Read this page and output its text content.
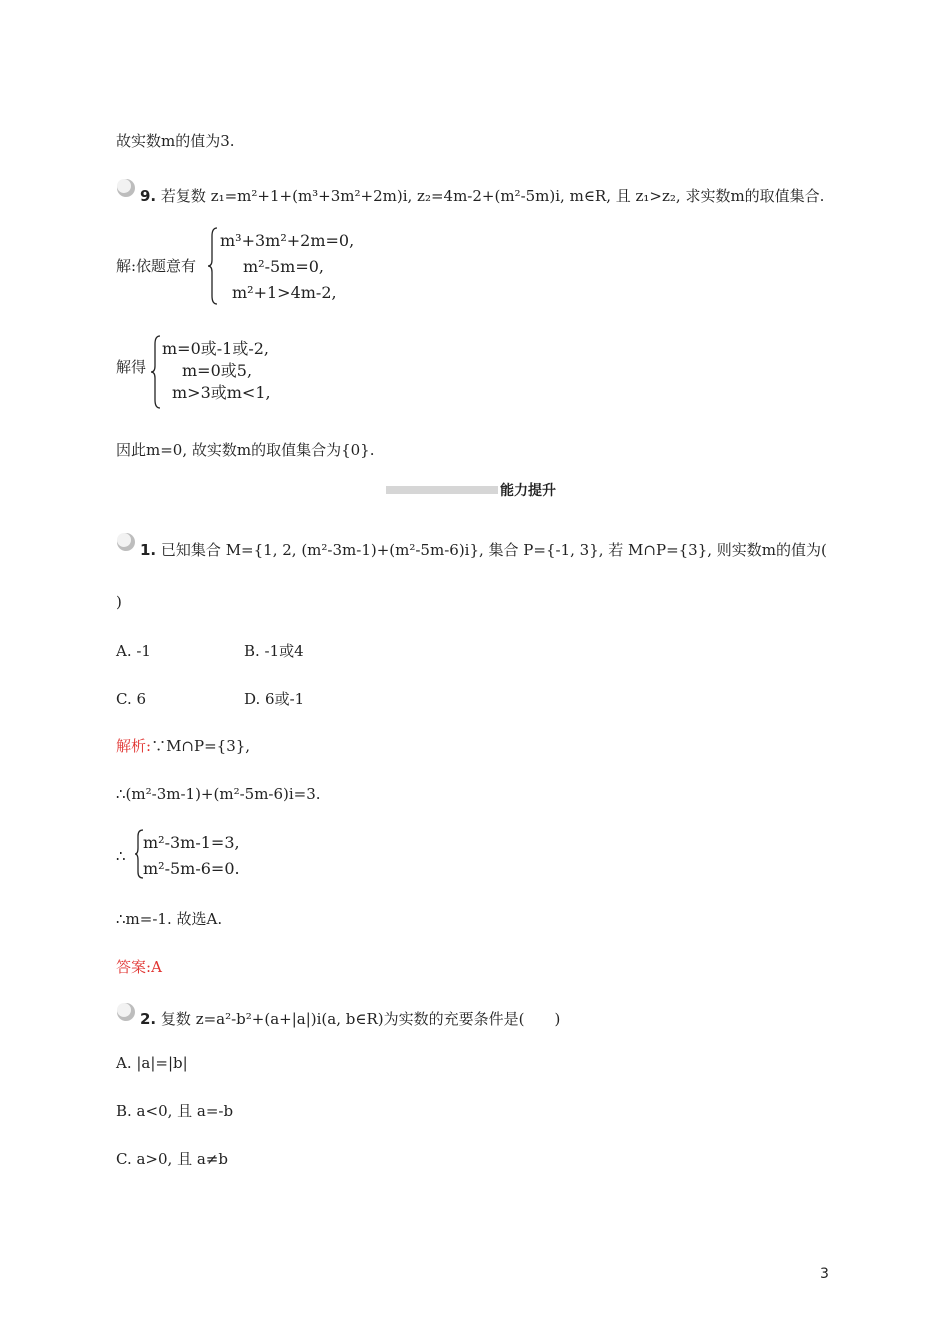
故实数m的值为3.
9. 若复数 z₁=m²+1+(m³+3m²+2m)i, z₂=4m-2+(m²-5m)i, m∈R, 且 z₁>z₂, 求实数m的取值集合.
解:依题意有
m³+3m²+2m=0,
m²-5m=0,
m²+1>4m-2,
解得
m=0或-1或-2,
m=0或5,
m>3或m<1,
因此m=0, 故实数m的取值集合为{0}.
能力提升
1. 已知集合 M={1, 2, (m²-3m-1)+(m²-5m-6)i}, 集合 P={-1, 3}, 若 M∩P={3}, 则实数m的值为(
)
A. -1	B. -1或4
C. 6	D. 6或-1
解析:∵M∩P={3},
∴(m²-3m-1)+(m²-5m-6)i=3.
∴
m²-3m-1=3,
m²-5m-6=0.
∴m=-1. 故选A.
答案:A
2. 复数 z=a²-b²+(a+|a|)i(a, b∈R)为实数的充要条件是(　　)
A. |a|=|b|
B. a<0, 且 a=-b
C. a>0, 且 a≠b
3
